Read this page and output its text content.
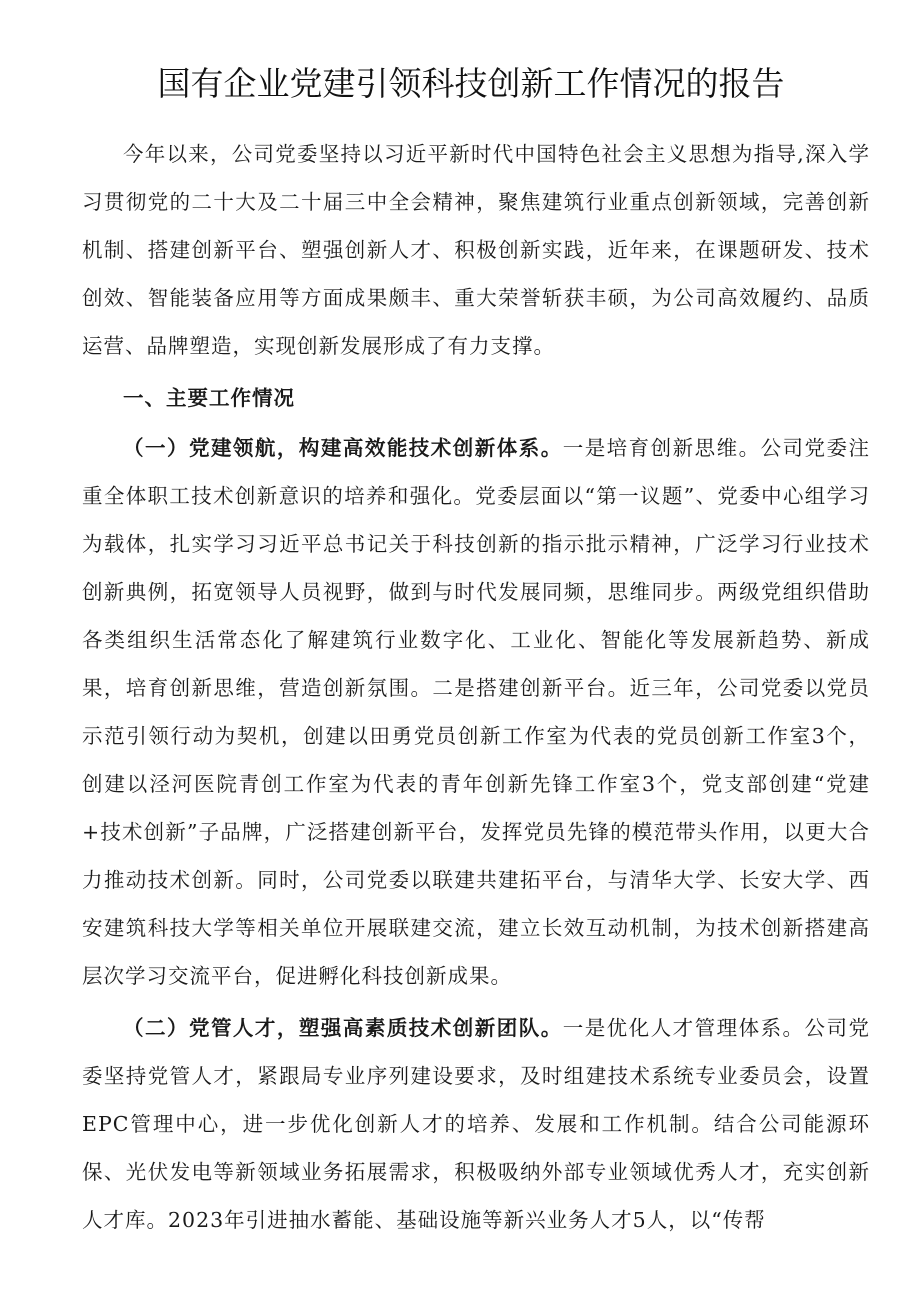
国有企业党建引领科技创新工作情况的报告

今年以来，公司党委坚持以习近平新时代中国特色社会主义思想为指导,深入学习贯彻党的二十大及二十届三中全会精神，聚焦建筑行业重点创新领域，完善创新机制、搭建创新平台、塑强创新人才、积极创新实践，近年来，在课题研发、技术创效、智能装备应用等方面成果颇丰、重大荣誉斩获丰硕，为公司高效履约、品质运营、品牌塑造，实现创新发展形成了有力支撑。

一、主要工作情况

（一）党建领航，构建高效能技术创新体系。一是培育创新思维。公司党委注重全体职工技术创新意识的培养和强化。党委层面以“第一议题”、党委中心组学习为载体，扎实学习习近平总书记关于科技创新的指示批示精神，广泛学习行业技术创新典例，拓宽领导人员视野，做到与时代发展同频，思维同步。两级党组织借助各类组织生活常态化了解建筑行业数字化、工业化、智能化等发展新趋势、新成果，培育创新思维，营造创新氛围。二是搭建创新平台。近三年，公司党委以党员示范引领行动为契机，创建以田勇党员创新工作室为代表的党员创新工作室3个，创建以泾河医院青创工作室为代表的青年创新先锋工作室3个，党支部创建“党建+技术创新”子品牌，广泛搭建创新平台，发挥党员先锋的模范带头作用，以更大合力推动技术创新。同时，公司党委以联建共建拓平台，与清华大学、长安大学、西安建筑科技大学等相关单位开展联建交流，建立长效互动机制，为技术创新搭建高层次学习交流平台，促进孵化科技创新成果。

（二）党管人才，塑强高素质技术创新团队。一是优化人才管理体系。公司党委坚持党管人才，紧跟局专业序列建设要求，及时组建技术系统专业委员会，设置EPC管理中心，进一步优化创新人才的培养、发展和工作机制。结合公司能源环保、光伏发电等新领域业务拓展需求，积极吸纳外部专业领域优秀人才，充实创新人才库。2023年引进抽水蓄能、基础设施等新兴业务人才5人，以“传帮
